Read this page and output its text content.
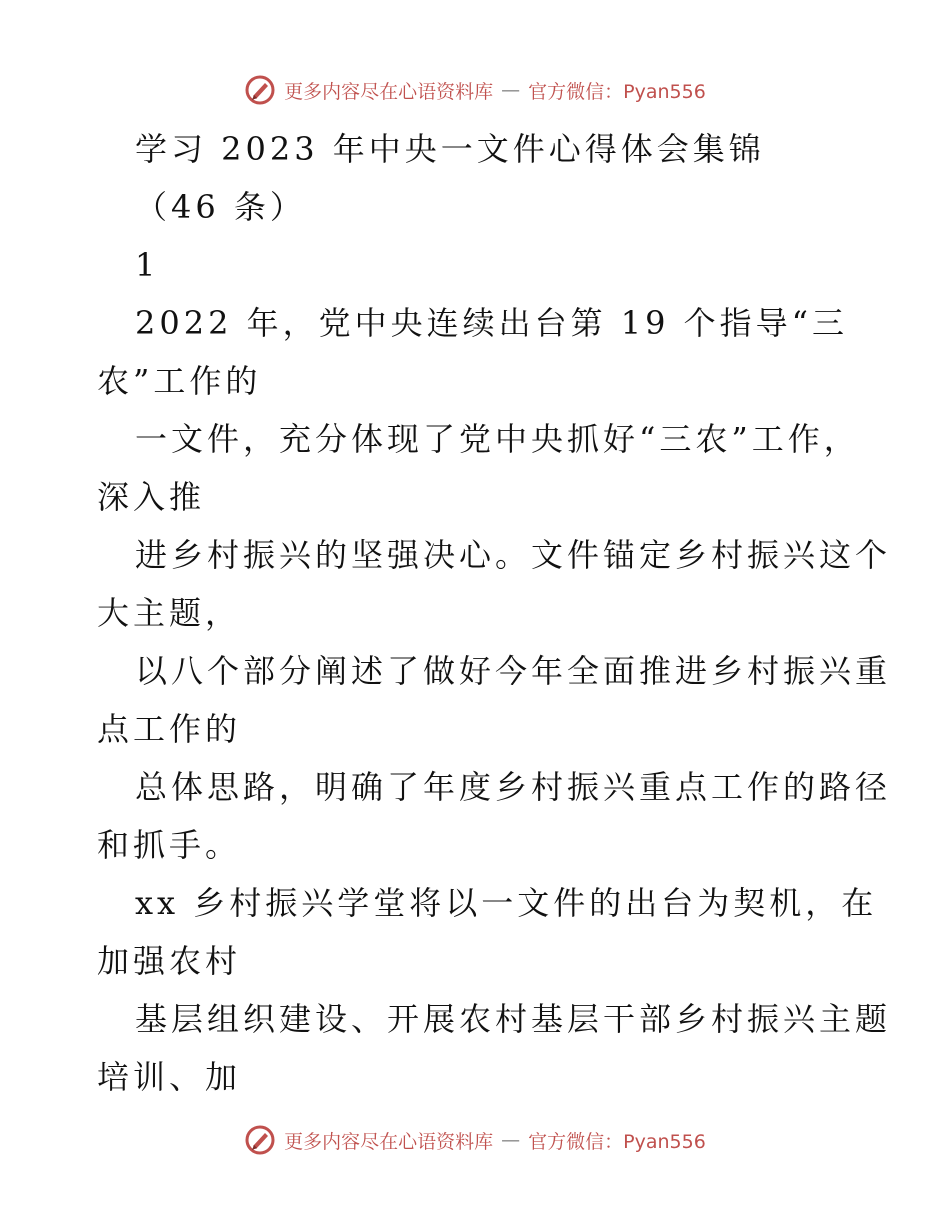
更多内容尽在心语资料库 — 官方微信：Pyan556
学习 2023 年中央一文件心得体会集锦
（46 条）
1
2022 年，党中央连续出台第 19 个指导“三
农”工作的
一文件，充分体现了党中央抓好“三农”工作，
深入推
进乡村振兴的坚强决心。文件锚定乡村振兴这个
大主题，
以八个部分阐述了做好今年全面推进乡村振兴重
点工作的
总体思路，明确了年度乡村振兴重点工作的路径
和抓手。
xx 乡村振兴学堂将以一文件的出台为契机，在
加强农村
基层组织建设、开展农村基层干部乡村振兴主题
培训、加
更多内容尽在心语资料库 — 官方微信：Pyan556
